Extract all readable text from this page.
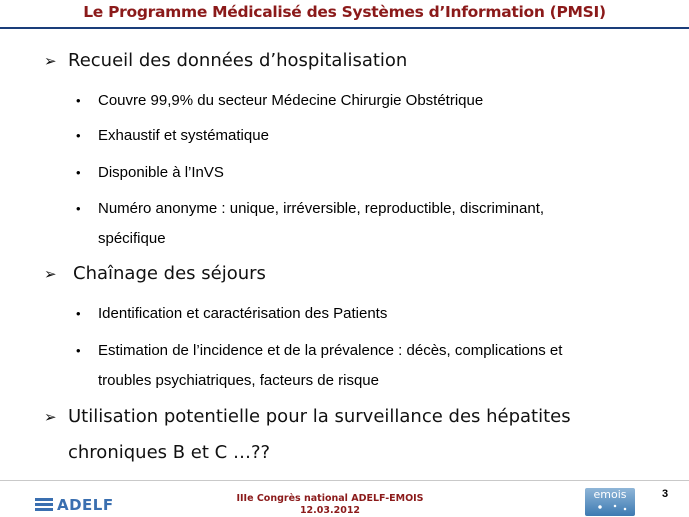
Le Programme Médicalisé des Systèmes d’Information (PMSI)
➢ Recueil des données d’hospitalisation
• Couvre 99,9% du secteur Médecine Chirurgie Obstétrique
• Exhaustif et systématique
• Disponible à l’InVS
• Numéro anonyme : unique, irréversible, reproductible, discriminant,
spécifique
➢ Chaînage des séjours
• Identification et caractérisation des Patients
• Estimation de l’incidence et de la prévalence : décès, complications et
troubles psychiatriques, facteurs de risque
➢ Utilisation potentielle pour la surveillance des hépatites
chroniques B et C …??
ADELF	IIIe Congrès national ADELF-EMOIS
12.03.2012
emois	3
